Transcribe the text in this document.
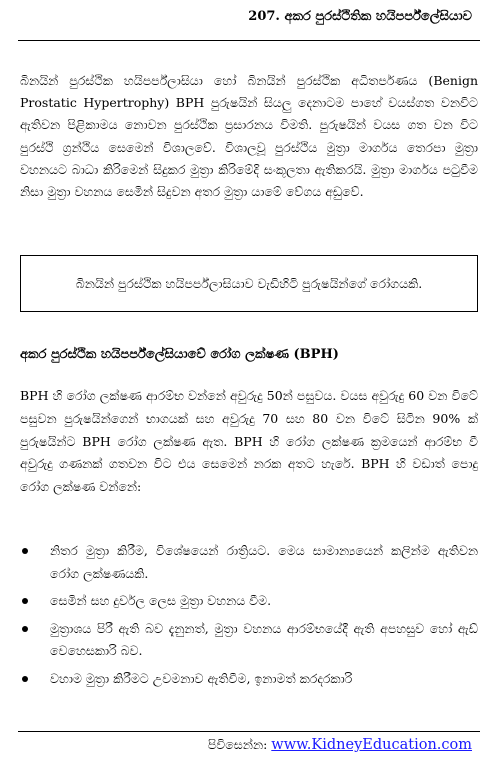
207. අකර පුරස්ථිතික හයිපර්ප්ලේසියාව

බිනයින් පුරස්ථික හයිපර්ප්ලාසියා හෝ බිනයින් පුරස්ථික අධිතර්පණය (Benign Prostatic Hypertrophy) BPH පුරුෂයින් සියලු දෙනාටම පාහේ වයස්ගත වනවිට ඇතිවන පිළිකාමය නොවන පුරස්ථික ප්‍රසාරනය විමති. පුරුෂයින් වයස ගත වන විට පුරස්ථි ග්‍රන්ථිය සෙමෙන් විශාලවේ. විශාලවූ පුරස්ථිය මුත්‍රා මාර්ගය තෙරපා මුත්‍රා වහනයට බාධා කිරිමෙන් සිදුකර මුත්‍රා කිරිමේදි සංකූලතා ඇතිකරයි. මුත්‍රා මාර්ගය පටුවීම නිසා මුත්‍රා වහනය සෙමින් සිදුවන අතර මුත්‍රා යාමේ වේගය අඩුවේ.

බිනයින් පුරස්ථික හයිපර්ප්ලාසියාව වැඩිහිටි පුරුෂයින්ගේ රෝගයකි.
අකර පුරස්ථික හයිපර්ප්ලේසියාවේ රෝග ලක්ෂණ (BPH)

BPH හි රෝග ලක්ෂණ ආරම්භ වන්නේ අවුරුදු 50න් පසුවය. වයස අවුරුදු 60 වන විටේ පසුවන පුරුෂයින්ගෙන් භාගයක් සහ අවුරුදු 70 සහ 80 වන විටේ සිටින 90% ක් පුරුෂයින්ට BPH රෝග ලක්ෂණ ඇත. BPH හි රෝග ලක්ෂණ ක්‍රමයෙන් ආරම්භ වී අවුරුදු ගණනක් ගතවන විට එය සෙමෙන් නරක අතට හැරේ. BPH හි වඩාත් පොදු රෝග ලක්ෂණ වන්නේ:

නිතර මුත්‍රා කිරීම, විශේෂයෙන් රාත්‍රියට. මෙය සාමාන්‍යයෙන් කලින්ම ඇතිවන රෝග ලක්ෂණයකි.
සෙමින් සහ දුර්වල ලෙස මුත්‍රා වහනය වීම.
මුත්‍රාශය පිරී ඇති බව දැනුනත්, මුත්‍රා වහනය ආරම්භයේදී ඇති අපහසුව හෝ ඇඩ් වෙහෙසකාරි බව.
වහාම මුත්‍රා කිරීමට උවමනාව ඇතිවීම, ඉනාමත් කරදරකාරි
පිවිසෙන්න: www.KidneyEducation.com
